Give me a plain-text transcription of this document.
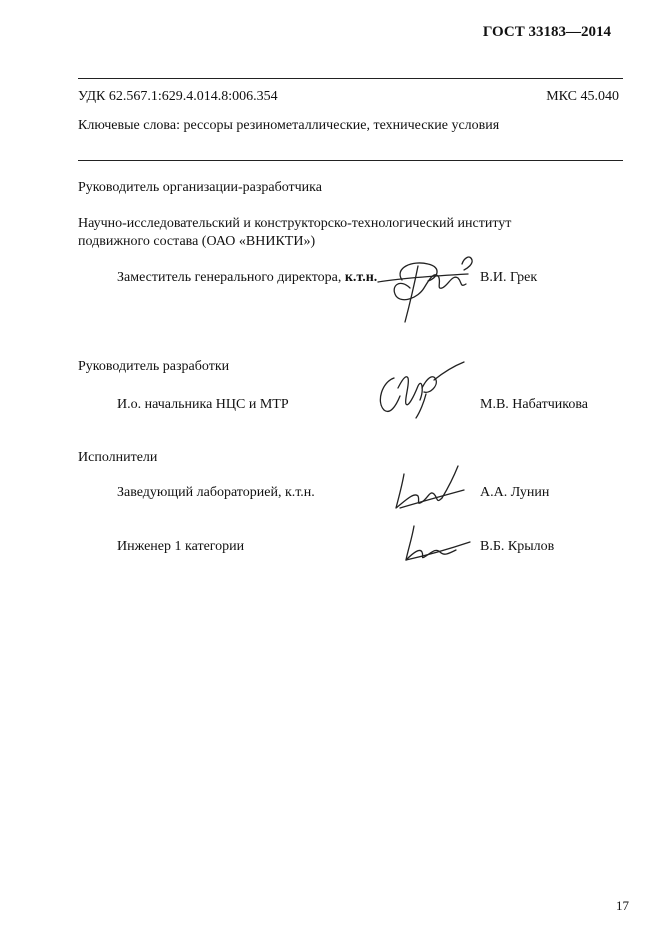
ГОСТ 33183—2014
УДК 62.567.1:629.4.014.8:006.354	МКС 45.040
Ключевые слова: рессоры резинометаллические, технические условия
Руководитель организации-разработчика
Научно-исследовательский и конструкторско-технологический институт
подвижного состава (ОАО «ВНИКТИ»)
Заместитель генерального директора, к.т.н.	В.И. Грек
Руководитель разработки
И.о. начальника НЦС и МТР	М.В. Набатчикова
Исполнители
Заведующий лабораторией, к.т.н.	А.А. Лунин
Инженер 1 категории	В.Б. Крылов
17
